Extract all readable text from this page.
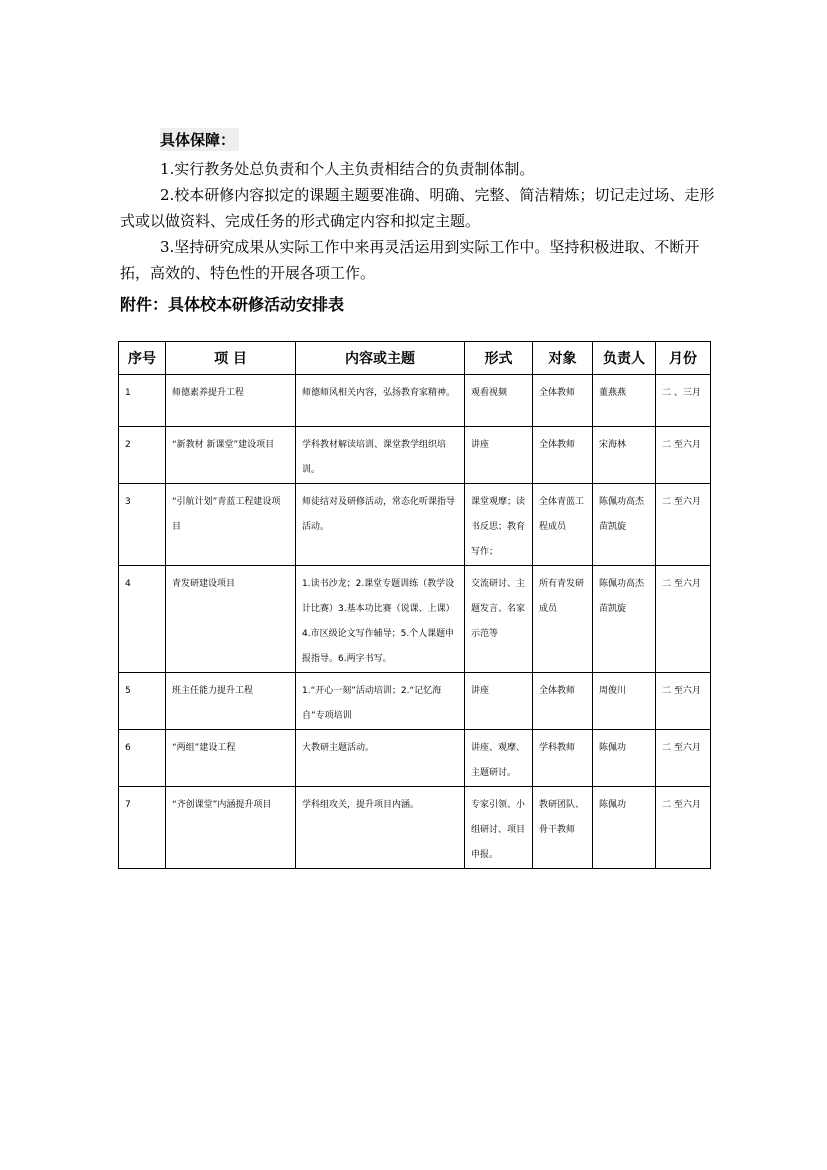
具体保障：
1.实行教务处总负责和个人主负责相结合的负责制体制。
2.校本研修内容拟定的课题主题要准确、明确、完整、简洁精炼；切记走过场、走形式或以做资料、完成任务的形式确定内容和拟定主题。
3.坚持研究成果从实际工作中来再灵活运用到实际工作中。坚持积极进取、不断开拓，高效的、特色性的开展各项工作。
附件：具体校本研修活动安排表
序号	项 目	内容或主题	形式	对象	负责人	月份
1	师德素养提升工程	师德师风相关内容，弘扬教育家精神。	观看视频	全体教师	董燕燕	二 、三月
2	“新教材 新课堂”建设项目	学科教材解读培训、课堂教学组织培训。	讲座	全体教师	宋海林	二 至六月
3	“引航计划”青蓝工程建设项目	师徒结对及研修活动，常态化听课指导活动。	课堂观摩；读书反思；教育写作；	全体青蓝工程成员	陈佩功高杰苗凯旋	二 至六月
4	青发研建设项目	1.读书沙龙；2.课堂专题训练（教学设计比赛）3.基本功比赛（说课、上课）4.市区级论文写作辅导；5.个人课题申报指导。6.两字书写。	交流研讨、主题发言、名家示范等	所有青发研成员	陈佩功高杰苗凯旋	二 至六月
5	班主任能力提升工程	1.“开心一刻”活动培训；2.“记忆海自”专项培训	讲座	全体教师	周俊川	二 至六月
6	“两组”建设工程	大教研主题活动。	讲座、观摩、主题研讨。	学科教师	陈佩功	二 至六月
7	“齐创课堂”内涵提升项目	学科组攻关，提升项目内涵。	专家引领、小组研讨、项目申报。	教研团队、骨干教师	陈佩功	二 至六月
